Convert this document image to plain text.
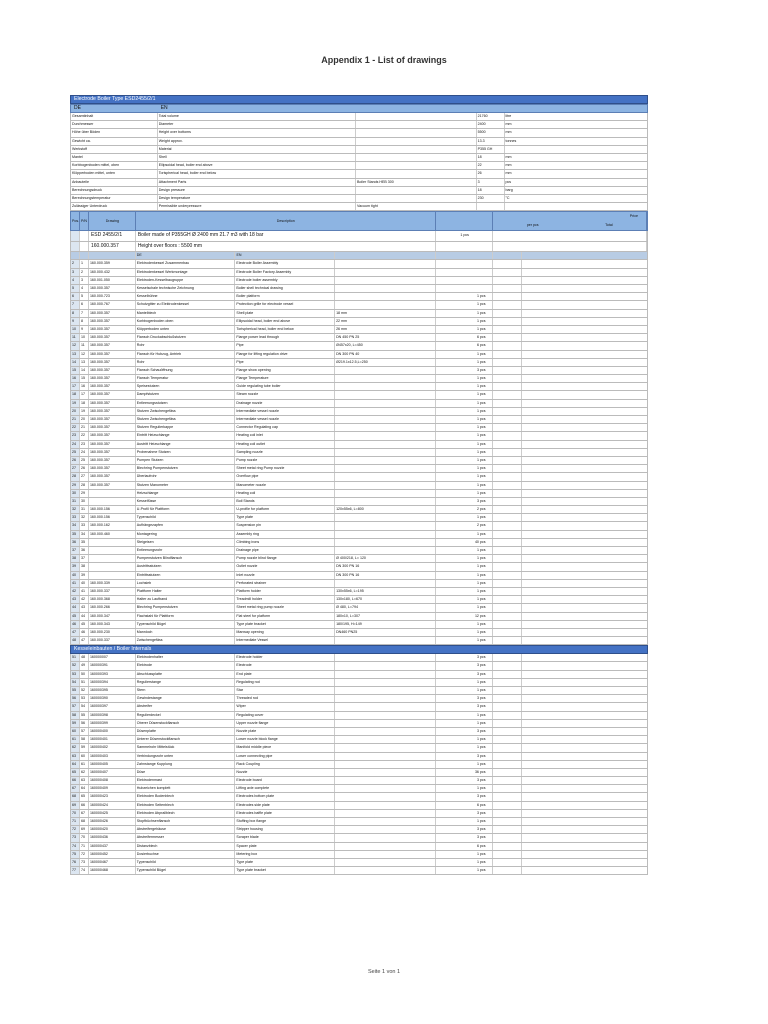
Appendix 1 - List of drawings
Electrode Boiler Type ESD2455/2/1
DE	EN
Gesamtinhalt	Total volume	21760	litre
Durchmesser	Diameter	2400	mm
Höhe über Böden	Height over bottoms	5500	mm
Gewicht ca.	Weight approx.	13.3	tonnes
Werkstoff	Material	P355 GH
Mantel	Shell	18	mm
Korbbogenboden mittel, oben	Ellipsoidal head, boiler end above	22	mm
Klöpperboden mittel, unten	Torispherical head, boiler end below	26	mm
Anbauteile	Attachment Parts	Boiler Stands HEB 300	3	pcs
Berechnungsdruck	Design pressure	18	barg
Berechnungstemperatur	Design temperature	230	°C
Zulässiger Unterdruck	Permissible underpressure	Vacuum tight
Pos. P/N	Drawing	Description
Price
per pcs	Total
ESD 2455/2/1	Boiler made of P355GH Ø 2400 mm 21.7 m3 with 18 bar	1 pcs
160.000.357	Height over floors : 5500 mm
DE	EN
2	1	160.000.359	Elektrodenkessel Zusammenbau	Electrode Boiler Assembly
3	2	160.000.432	Elektrodenkessel Werkmontage	Electrode Boiler Factory Assembly
4	3	160.001.050	Elektroden-Kesselbaugruppe	Electrode boiler assembly
5	4	160.000.357	Kesselschale technische Zeichnung	Boiler shell technical drawing
6	5	160.000.723	Kesselbühne	Boiler platform	1 pcs
7	6	160.000.767	Schutzgitter zu Elektrodenkessel	Protection grille for electrode vessel	1 pcs
8	7	160.000.357	Mantelblech	Shell plate	18 mm	1 pcs
9	8	160.000.357	Korbbogenboden oben	Ellipsoidal head, boiler end above	22 mm	1 pcs
10	9	160.000.357	Klöpperboden unten	Torispherical head, boiler end below	26 mm	1 pcs
11	10	160.000.357	Flansch Druckabschlußstutzen	Flange power lead through	DN 450 PN 25	6 pcs
12	11	160.000.357	Rohr	Pipe	Ø457x20, L=450	6 pcs
13	12	160.000.357	Flansch für Hubzug, Antrieb	Flange for lifting regulation drive	DN 300 PN 40	1 pcs
14	13	160.000.357	Rohr	Pipe	Ø219.1x12.5,L=250	1 pcs
15	14	160.000.357	Flansch Schauöffnung	Flange show opening	3 pcs
16	15	160.000.357	Flansch Temperatur	Flange Temperature	1 pcs
17	16	160.000.357	Speisestutzen	Guide regulating tube boiler	1 pcs
18	17	160.000.357	Dampfstutzen	Steam nozzle	1 pcs
19	18	160.000.357	Entleerungsstutzen	Drainage nozzle	1 pcs
20	19	160.000.357	Stutzen Zwischengefäss	Intermediate vessel nozzle	1 pcs
21	20	160.000.357	Stutzen Zwischengefäss	Intermediate vessel nozzle	1 pcs
22	21	160.000.357	Stutzen Regulierkappe	Connector Regulating cap	1 pcs
23	22	160.000.357	Eintritt Heizschlange	Heating coil inlet	1 pcs
24	23	160.000.357	Austritt Heizschlange	Heating coil outlet	1 pcs
25	24	160.000.357	Probenahme Stutzen	Sampling nozzle	1 pcs
26	25	160.000.357	Pumpen Stutzen	Pump nozzle	1 pcs
27	26	160.000.357	Blechring Pumpenstutzen	Sheet metal ring Pump nozzle	1 pcs
28	27	160.000.357	Überlaufrohr	Overflow pipe	1 pcs
29	28	160.000.357	Stutzen Manometer	Manometer nozzle	1 pcs
30	29	Heizschlange	Heating coil	1 pcs
31	30	Kesselfüsse	Boil Stands	3 pcs
32	31	160.000.156	U-Profil für Plattform	U-profile for platform	120x55x6, L=800	2 pcs
33	32	160.000.156	Typenschild	Type plate	1 pcs
34	33	160.000.162	Aufhängezapfen	Suspension pin	2 pcs
35	34	160.000.460	Montagering	Assembly ring	1 pcs
36	35	Steigeisen	Climbing irons	40 pcs
37	36	Entleerungsrohr	Drainage pipe	1 pcs
38	37	Pumpenstutzen Blindflansch	Pump nozzle blind flange	Ø 400/218, L= 120	1 pcs
39	38	Austrittsstutzen	Outlet nozzle	DN 300 PN 16	1 pcs
40	39	Eintrittsstutzen	Inlet nozzle	DN 300 PN 16	1 pcs
41	40	160.000.339	Lochsieb	Perforated strainer	1 pcs
42	41	160.000.337	Plattform Halter	Platform holder	130x55x6, L=195	1 pcs
43	42	160.000.368	Halter zu Laufband	Treadmill holder	130x180, L=670	1 pcs
44	43	160.000.266	Blechring Pumpenstutzen	Sheet metal ring pump nozzle	Ø 480, L=794	1 pcs
45	44	160.000.347	Flachstahl für Plattform	Flat steel for platform	180x10, L=307	12 pcs
46	45	160.000.343	Typenschild Bügel	Type plate bracket	180/195, H=149	1 pcs
47	46	160.000.230	Mannloch	Manway opening	DN460 PN25	1 pcs
48	47	160.000.337	Zwischengefäss	Intermediate Vessel	1 pcs
Kesseleinbauten / Boiler Internals
51	48	160000007	Elektrodenhalter	Electrode holder	3 pcs
52	49	160000391	Elektrode	Electrode	3 pcs
53	50	160000393	Abschlussplatte	End plate	3 pcs
54	51	160000394	Regulierstange	Regulating rod	1 pcs
55	52	160000395	Stern	Star	1 pcs
56	53	160000390	Gewindestange	Threaded rod	3 pcs
57	54	160000397	Abstreifer	Wiper	3 pcs
58	55	160000398	Regulierdeckel	Regulating cover	1 pcs
59	56	160000399	Oberer Düsenstockflansch	Upper nozzle flange	1 pcs
60	57	160000400	Düsenplatte	Nozzle plate	3 pcs
61	58	160000401	Unterer Düsenstockflansch	Lower nozzle block flange	1 pcs
62	59	160000402	Sammelrohr Mittelstück	Manifold middle piece	1 pcs
63	60	160000403	Verbindungsrohr unten	Lower connecting pipe	3 pcs
64	61	160000405	Zahnstange Kupplung	Rack Coupling	1 pcs
65	62	160000407	Düse	Nozzle	36 pcs
66	63	160000408	Elektrodenmast	Electrode board	3 pcs
67	64	160000409	Hubzeichen komplett	Lifting axle complete	1 pcs
68	65	160000423	Elektroden Bodenblech	Electrodes bottom plate	3 pcs
69	66	160000424	Elektroden Seitenblech	Electrodes side plate	6 pcs
70	67	160000425	Elektroden Abprallblech	Electrodes baffle plate	3 pcs
71	68	160000426	Stopfbüchsenflansch	Stuffing box flange	1 pcs
72	69	160000420	Abstreifergehäuse	Stripper housing	3 pcs
73	70	160000436	Abstreifermesser	Scraper blade	3 pcs
74	71	160000437	Distanzblech	Spacer plate	6 pcs
75	72	160000452	Dosierbuchse	Metering box	1 pcs
76	73	160000467	Typenschild	Type plate	1 pcs
77	74	160000468	Typenschild Bügel	Type plate bracket	1 pcs
Seite 1 von 1
